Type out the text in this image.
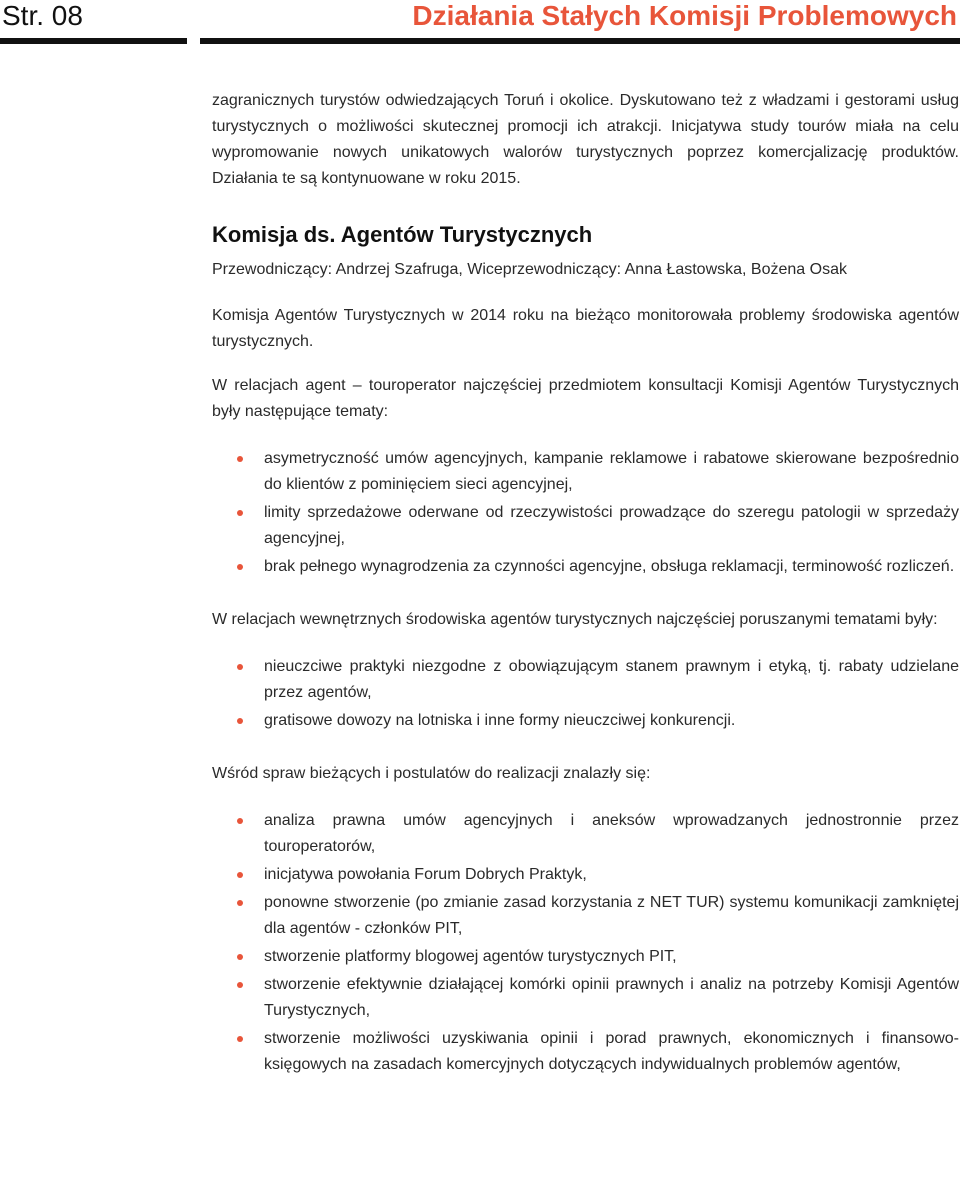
Str. 08	Działania Stałych Komisji Problemowych

zagranicznych turystów odwiedzających Toruń i okolice. Dyskutowano też z władzami i gestorami usług turystycznych o możliwości skutecznej promocji ich atrakcji. Inicjatywa study tourów miała na celu wypromowanie nowych unikatowych walorów turystycznych poprzez komercjalizację produktów. Działania te są kontynuowane w roku 2015.

Komisja ds. Agentów Turystycznych

Przewodniczący: Andrzej Szafruga, Wiceprzewodniczący: Anna Łastowska, Bożena Osak

Komisja Agentów Turystycznych w 2014 roku na bieżąco monitorowała problemy środowiska agentów turystycznych.

W relacjach agent – touroperator najczęściej przedmiotem konsultacji Komisji Agentów Turystycznych były następujące tematy:

asymetryczność umów agencyjnych, kampanie reklamowe i rabatowe skierowane bezpośrednio do klientów z pominięciem sieci agencyjnej,
limity sprzedażowe oderwane od rzeczywistości prowadzące do szeregu patologii w sprzedaży agencyjnej,
brak pełnego wynagrodzenia za czynności agencyjne, obsługa reklamacji, terminowość rozliczeń.

W relacjach wewnętrznych środowiska agentów turystycznych najczęściej poruszanymi tematami były:

nieuczciwe praktyki niezgodne z obowiązującym stanem prawnym i etyką, tj. rabaty udzielane przez agentów,
gratisowe dowozy na lotniska i inne formy nieuczciwej konkurencji.

Wśród spraw bieżących i postulatów do realizacji znalazły się:

analiza prawna umów agencyjnych i aneksów wprowadzanych jednostronnie przez touroperatorów,
inicjatywa powołania Forum Dobrych Praktyk,
ponowne stworzenie (po zmianie zasad korzystania z NET TUR) systemu komunikacji zamkniętej dla agentów - członków PIT,
stworzenie platformy blogowej agentów turystycznych PIT,
stworzenie efektywnie działającej komórki opinii prawnych i analiz na potrzeby Komisji Agentów Turystycznych,
stworzenie możliwości uzyskiwania opinii i porad prawnych, ekonomicznych i finansowo- księgowych na zasadach komercyjnych dotyczących indywidualnych problemów agentów,
